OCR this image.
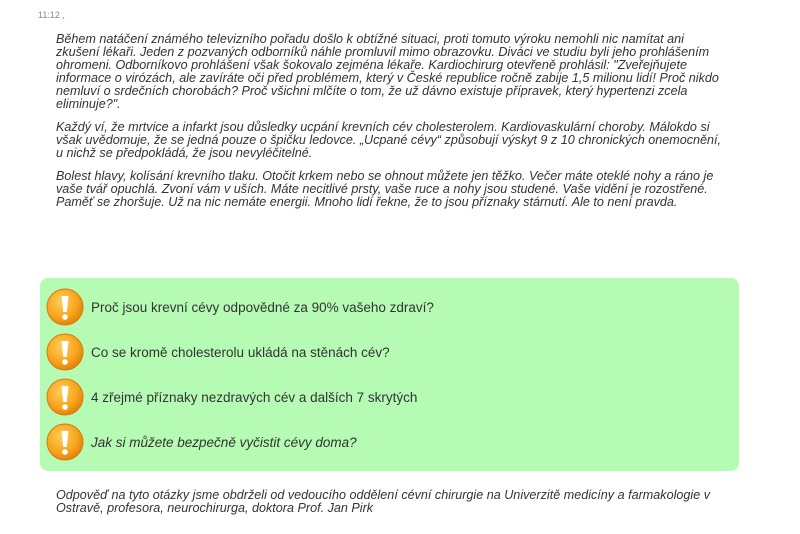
11:12 ,

Během natáčení známého televizního pořadu došlo k obtížné situaci, proti tomuto výroku nemohli nic namítat ani zkušení lékaři. Jeden z pozvaných odborníků náhle promluvil mimo obrazovku. Diváci ve studiu byli jeho prohlášením ohromeni. Odborníkovo prohlášení však šokovalo zejména lékaře. Kardiochirurg otevřeně prohlásil: "Zveřejňujete informace o virózách, ale zavíráte oči před problémem, který v České republice ročně zabije 1,5 milionu lidí! Proč nikdo nemluví o srdečních chorobách? Proč všichni mlčíte o tom, že už dávno existuje přípravek, který hypertenzi zcela eliminuje?".

Každý ví, že mrtvice a infarkt jsou důsledky ucpání krevních cév cholesterolem. Kardiovaskulární choroby. Málokdo si však uvědomuje, že se jedná pouze o špičku ledovce. „Ucpané cévy“ způsobují výskyt 9 z 10 chronických onemocnění, u nichž se předpokládá, že jsou nevyléčitelné.

Bolest hlavy, kolísání krevního tlaku. Otočit krkem nebo se ohnout můžete jen těžko. Večer máte oteklé nohy a ráno je vaše tvář opuchlá. Zvoní vám v uších. Máte necitlivé prsty, vaše ruce a nohy jsou studené. Vaše vidění je rozostřené. Paměť se zhoršuje. Už na nic nemáte energii. Mnoho lidí řekne, že to jsou příznaky stárnutí. Ale to není pravda.

Proč jsou krevní cévy odpovědné za 90% vašeho zdraví?
Co se kromě cholesterolu ukládá na stěnách cév?
4 zřejmé příznaky nezdravých cév a dalších 7 skrytých
Jak si můžete bezpečně vyčistit cévy doma?

Odpověď na tyto otázky jsme obdrželi od vedoucího oddělení cévní chirurgie na Univerzitě medicíny a farmakologie v Ostravě, profesora, neurochirurga, doktora Prof. Jan Pirk
